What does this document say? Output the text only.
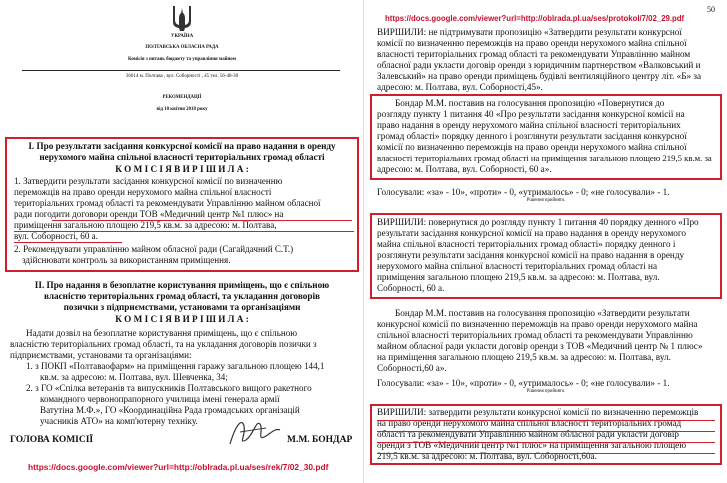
УКРАЇНА
ПОЛТАВСЬКА ОБЛАСНА РАДА
Комісія з питань бюджету та управління майном
36014 м. Полтава , вул. Соборності , 45 тел. 56-48-30
РЕКОМЕНДАЦІЇ
від 10 квітня 2018 року
І. Про результати засідання конкурсної комісії на право надання в оренду
нерухомого майна спільної власності територіальних громад області
К О М І С І Я В И Р І Ш И Л А :
1. Затвердити результати засідання конкурсної комісії по визначенню
переможців на право оренди нерухомого майна спільної власності
територіальних громад області та рекомендувати Управлінню майном обласної
ради погодити договори оренди ТОВ «Медичний центр №1 плюс» на
приміщення загальною площею 219,5 кв.м. за адресою: м. Полтава,
вул. Соборності, 60 а.
2. Рекомендувати управлінню майном обласної ради (Сагайдачний С.Т.)
здійснювати контроль за використанням приміщення.
ІІ. Про надання в безоплатне користування приміщень, що є спільною
власністю територіальних громад області, та укладання договорів
позички з підприємствами, установами та організаціями
К О М І С І Я В И Р І Ш И Л А :
Надати дозвіл на безоплатне користування приміщень, що є спільною
власністю територіальних громад області, та на укладання договорів позички з
підприємствами, установами та організаціями:
1. з ПОКП «Полтаваофарм» на приміщення гаражу загальною площею 144,1
кв.м. за адресою: м. Полтава, вул. Шевченка, 34;
2. з ГО «Спілка ветеранів та випускників Полтавського вищого ракетного
командного червонопрапорного училища імені генерала армії
Ватутіна М.Ф.», ГО «Координаційна Рада громадських організацій
учасників АТО» на комп'ютерну техніку.
ГОЛОВА КОМІСІЇ	М.М. БОНДАР
https://docs.google.com/viewer?url=http://oblrada.pl.ua/ses/rek/7/02_30.pdf
https://docs.google.com/viewer?url=http://oblrada.pl.ua/ses/protokol/7/02_29.pdf
50
ВИРШИЛИ: не підтримувати пропозицію «Затвердити результати конкурсної
комісії по визначенню переможців на право оренди нерухомого майна спільної
власності територіальних громад області та рекомендувати Управлінню майном
обласної ради укласти договір оренди з юридичним партнерством «Валковський и
Залевський» на право оренди приміщень будівлі вентиляційного центру літ. «Б» за
адресою: м. Полтава, вул. Соборності,45».
Бондар М.М. поставив на голосування пропозицію «Повернутися до
розгляду пункту 1 питання 40 «Про результати засідання конкурсної комісії на
право надання в оренду нерухомого майна спільної власності територіальних
громад області» порядку денного і розглянути результати засідання конкурсної
комісії по визначенню переможців на право оренди нерухомого майна спільної
власності територіальних громад області на приміщення загальною площею 219,5 кв.м. за
адресою: м. Полтава, вул. Соборності, 60 а».
Голосували: «за» - 10», «проти» - 0, «утрималось» - 0; «не голосували» - 1.
Рішення прийнято.
ВИРШИЛИ: повернутися до розгляду пункту 1 питання 40 порядку денного «Про
результати засідання конкурсної комісії на право надання в оренду нерухомого
майна спільної власності територіальних громад області» порядку денного і
розглянути результати засідання конкурсної комісії на право надання в оренду
нерухомого майна спільної власності територіальних громад області на
приміщення загальною площею 219,5 кв.м. за адресою: м. Полтава, вул.
Соборності, 60 а.
Бондар М.М. поставив на голосування пропозицію «Затвердити результати
конкурсної комісії по визначенню переможців на право оренди нерухомого майна
спільної власності територіальних громад області та рекомендувати Управлінню
майном обласної ради укласти договір оренди з ТОВ «Медичний центр № 1 плюс»
на приміщення загальною площею 219,5 кв.м. за адресою: м. Полтава, вул.
Соборності,60 а».
Голосували: «за» - 10», «проти» - 0, «утрималось» - 0; «не голосували» - 1.
Рішення прийнято.
ВИРШИЛИ: затвердити результати конкурсної комісії по визначенню переможців
на право оренди нерухомого майна спільної власності територіальних громад
області та рекомендувати Управлінню майном обласної ради укласти договір
оренди з ТОВ «Медичний центр №1 плюс» на приміщення загальною площею
219,5 кв.м. за адресою: м. Полтава, вул. Соборності,60а.
